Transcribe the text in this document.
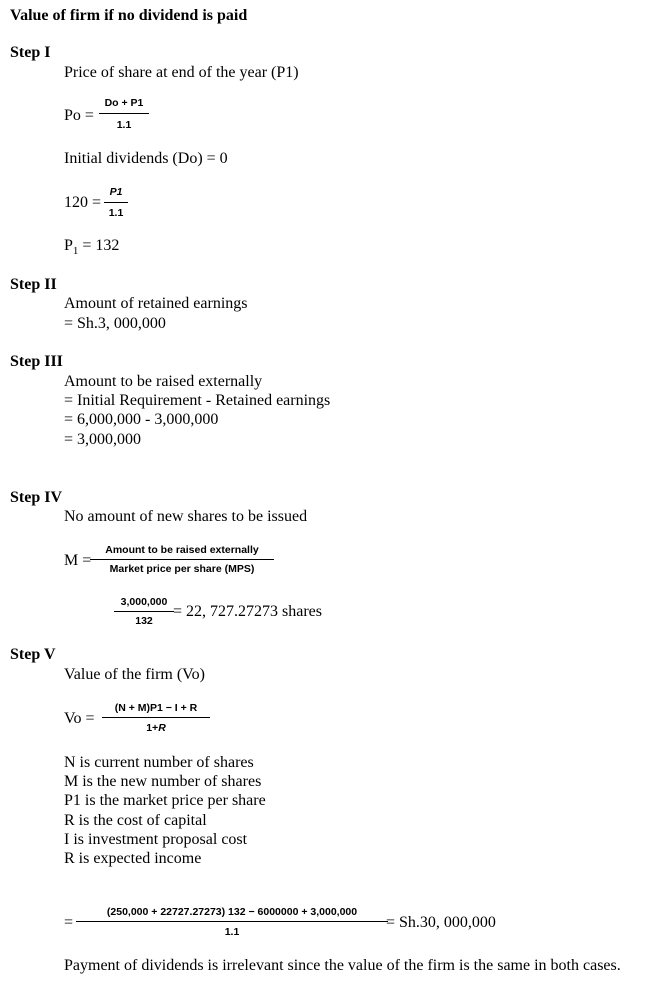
Value of firm if no dividend is paid
Step I
Price of share at end of the year (P1)
Po =
Do + P1
1.1
Initial dividends (Do) = 0
120 =
P1
1.1
$P_1 = 132$
Step II
Amount of retained earnings
= Sh.3, 000,000
Step III
Amount to be raised externally
= Initial Requirement - Retained earnings
= 6,000,000 - 3,000,000
= 3,000,000
Step IV
No amount of new shares to be issued
M =
Amount to be raised externally
Market price per share (MPS)
3,000,000
132
= 22, 727.27273 shares
Step V
Value of the firm (Vo)
Vo =
(N + M)P1 − I + R
1+R
N is current number of shares
M is the new number of shares
P1 is the market price per share
R is the cost of capital
I is investment proposal cost
R is expected income
=
(250,000 + 22727.27273) 132 − 6000000 + 3,000,000
1.1
= Sh.30, 000,000
Payment of dividends is irrelevant since the value of the firm is the same in both cases.
